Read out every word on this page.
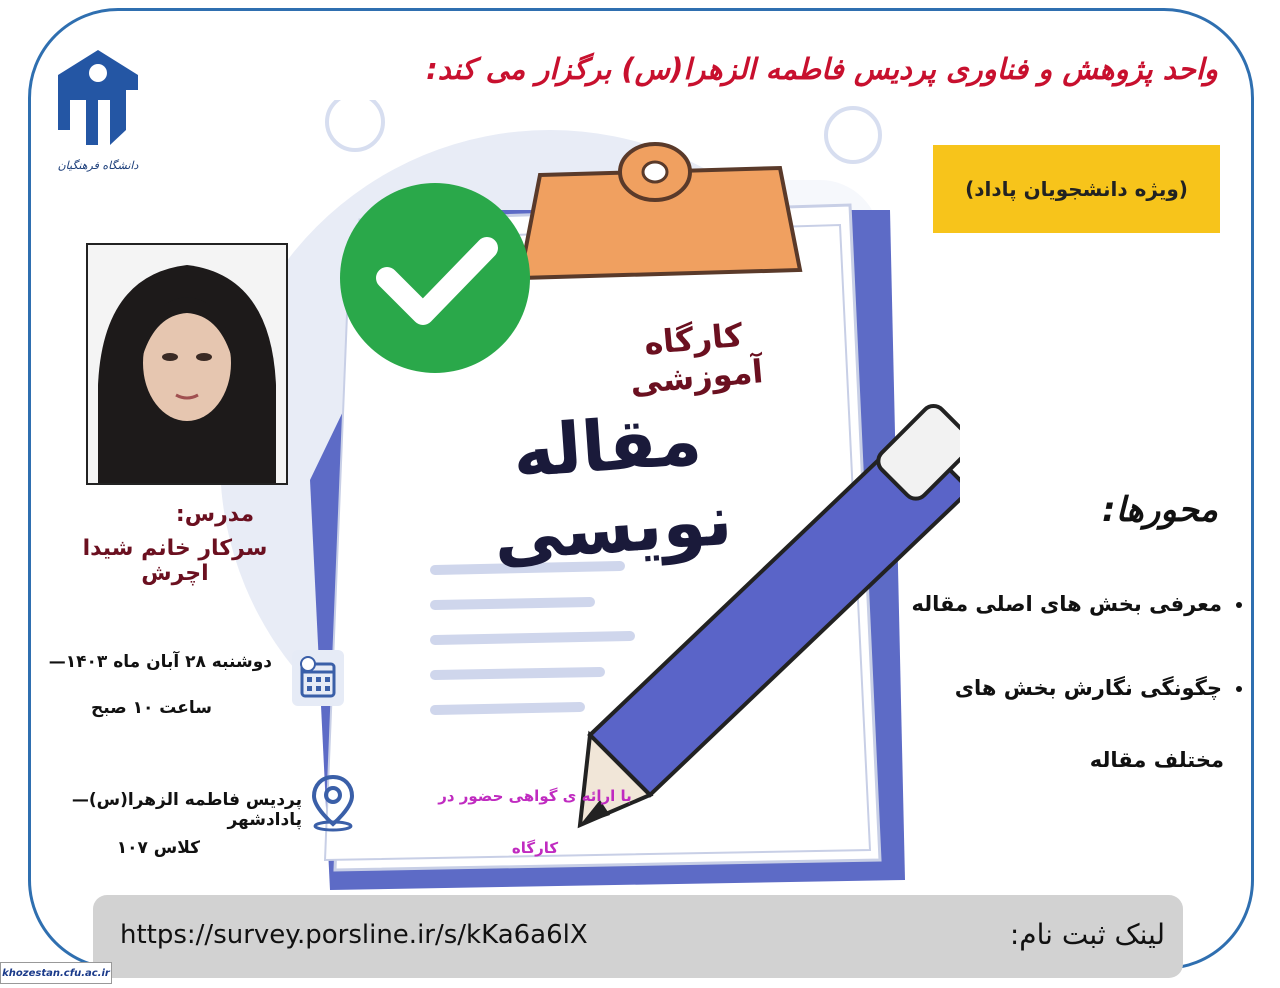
دانشگاه فرهنگیان
واحد پژوهش و فناوری پردیس فاطمه الزهرا(س) برگزار می کند:
(ویژه دانشجویان پاداد)
کارگاه آموزشی
مقاله نویسی
با ارائه ی گواهی حضور در
کارگاه
مدرس:
سرکار خانم شیدا اچرش
دوشنبه ۲۸ آبان ماه ۱۴۰۳—
ساعت ۱۰ صبح
پردیس فاطمه الزهرا(س)—پادادشهر
کلاس ۱۰۷
محورها:
معرفی بخش های اصلی مقاله
چگونگی نگارش بخش های
مختلف مقاله
https://survey.porsline.ir/s/kKa6a6lX	لینک ثبت نام:
khozestan.cfu.ac.ir
